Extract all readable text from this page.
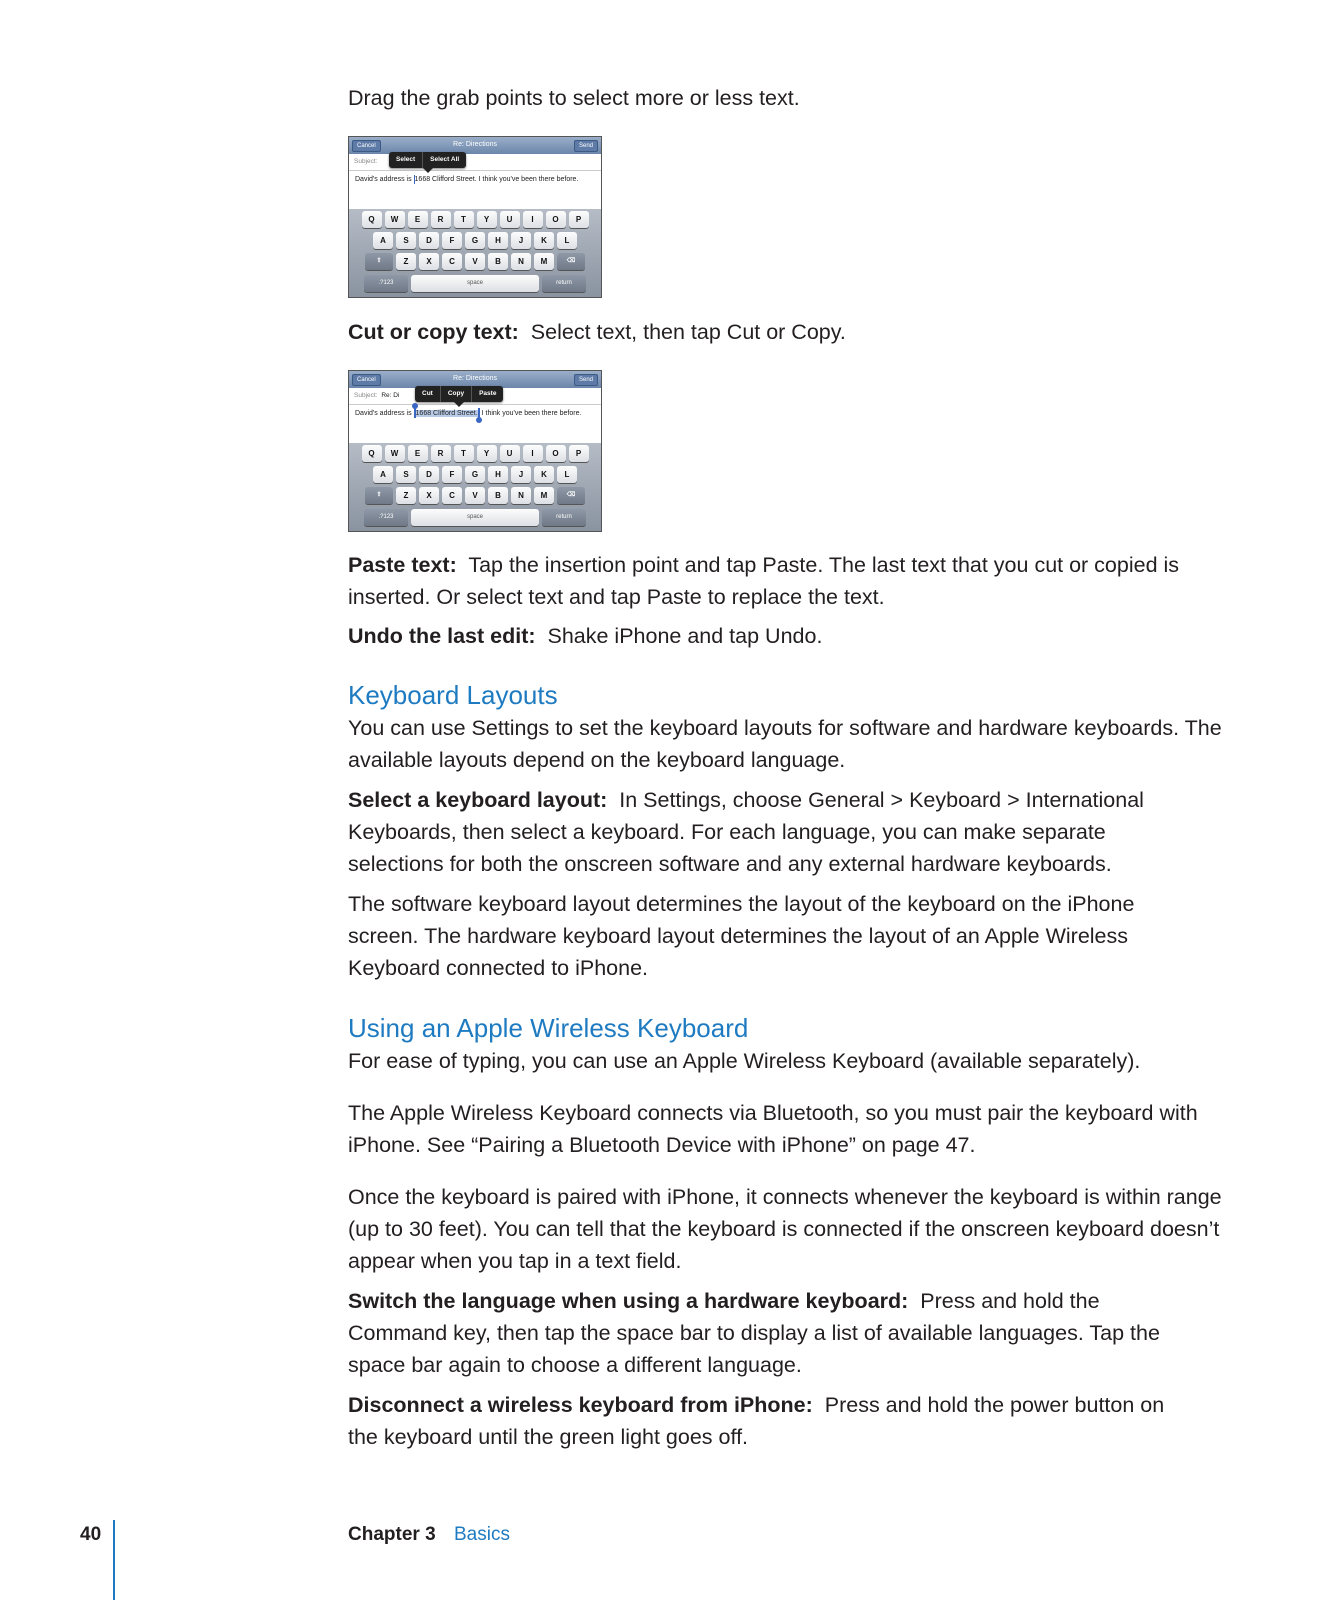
Drag the grab points to select more or less text.

Cut or copy text: Select text, then tap Cut or Copy.

Paste text: Tap the insertion point and tap Paste. The last text that you cut or copied is inserted. Or select text and tap Paste to replace the text.

Undo the last edit: Shake iPhone and tap Undo.

Keyboard Layouts

You can use Settings to set the keyboard layouts for software and hardware keyboards. The available layouts depend on the keyboard language.

Select a keyboard layout: In Settings, choose General > Keyboard > International Keyboards, then select a keyboard. For each language, you can make separate selections for both the onscreen software and any external hardware keyboards.

The software keyboard layout determines the layout of the keyboard on the iPhone screen. The hardware keyboard layout determines the layout of an Apple Wireless Keyboard connected to iPhone.

Using an Apple Wireless Keyboard

For ease of typing, you can use an Apple Wireless Keyboard (available separately).

The Apple Wireless Keyboard connects via Bluetooth, so you must pair the keyboard with iPhone. See “Pairing a Bluetooth Device with iPhone” on page 47.

Once the keyboard is paired with iPhone, it connects whenever the keyboard is within range (up to 30 feet). You can tell that the keyboard is connected if the onscreen keyboard doesn’t appear when you tap in a text field.

Switch the language when using a hardware keyboard: Press and hold the Command key, then tap the space bar to display a list of available languages. Tap the space bar again to choose a different language.

Disconnect a wireless keyboard from iPhone: Press and hold the power button on the keyboard until the green light goes off.

Cancel	Re: Directions	Send
Subject:
David's address is 1668 Clifford Street. I think you've been there before.
Select	Select All
Q	W	E	R	T	Y	U	I	O	P
A	S	D	F	G	H	J	K	L
⇧	Z	X	C	V	B	N	M	⌫
.?123	space	return
Cancel	Re: Directions	Send
Subject: Re: Di
David's address is 1668 Clifford Street. I think you've been there before.
Cut	Copy	Paste
Q	W	E	R	T	Y	U	I	O	P
A	S	D	F	G	H	J	K	L
⇧	Z	X	C	V	B	N	M	⌫
.?123	space	return
40	Chapter 3 Basics
